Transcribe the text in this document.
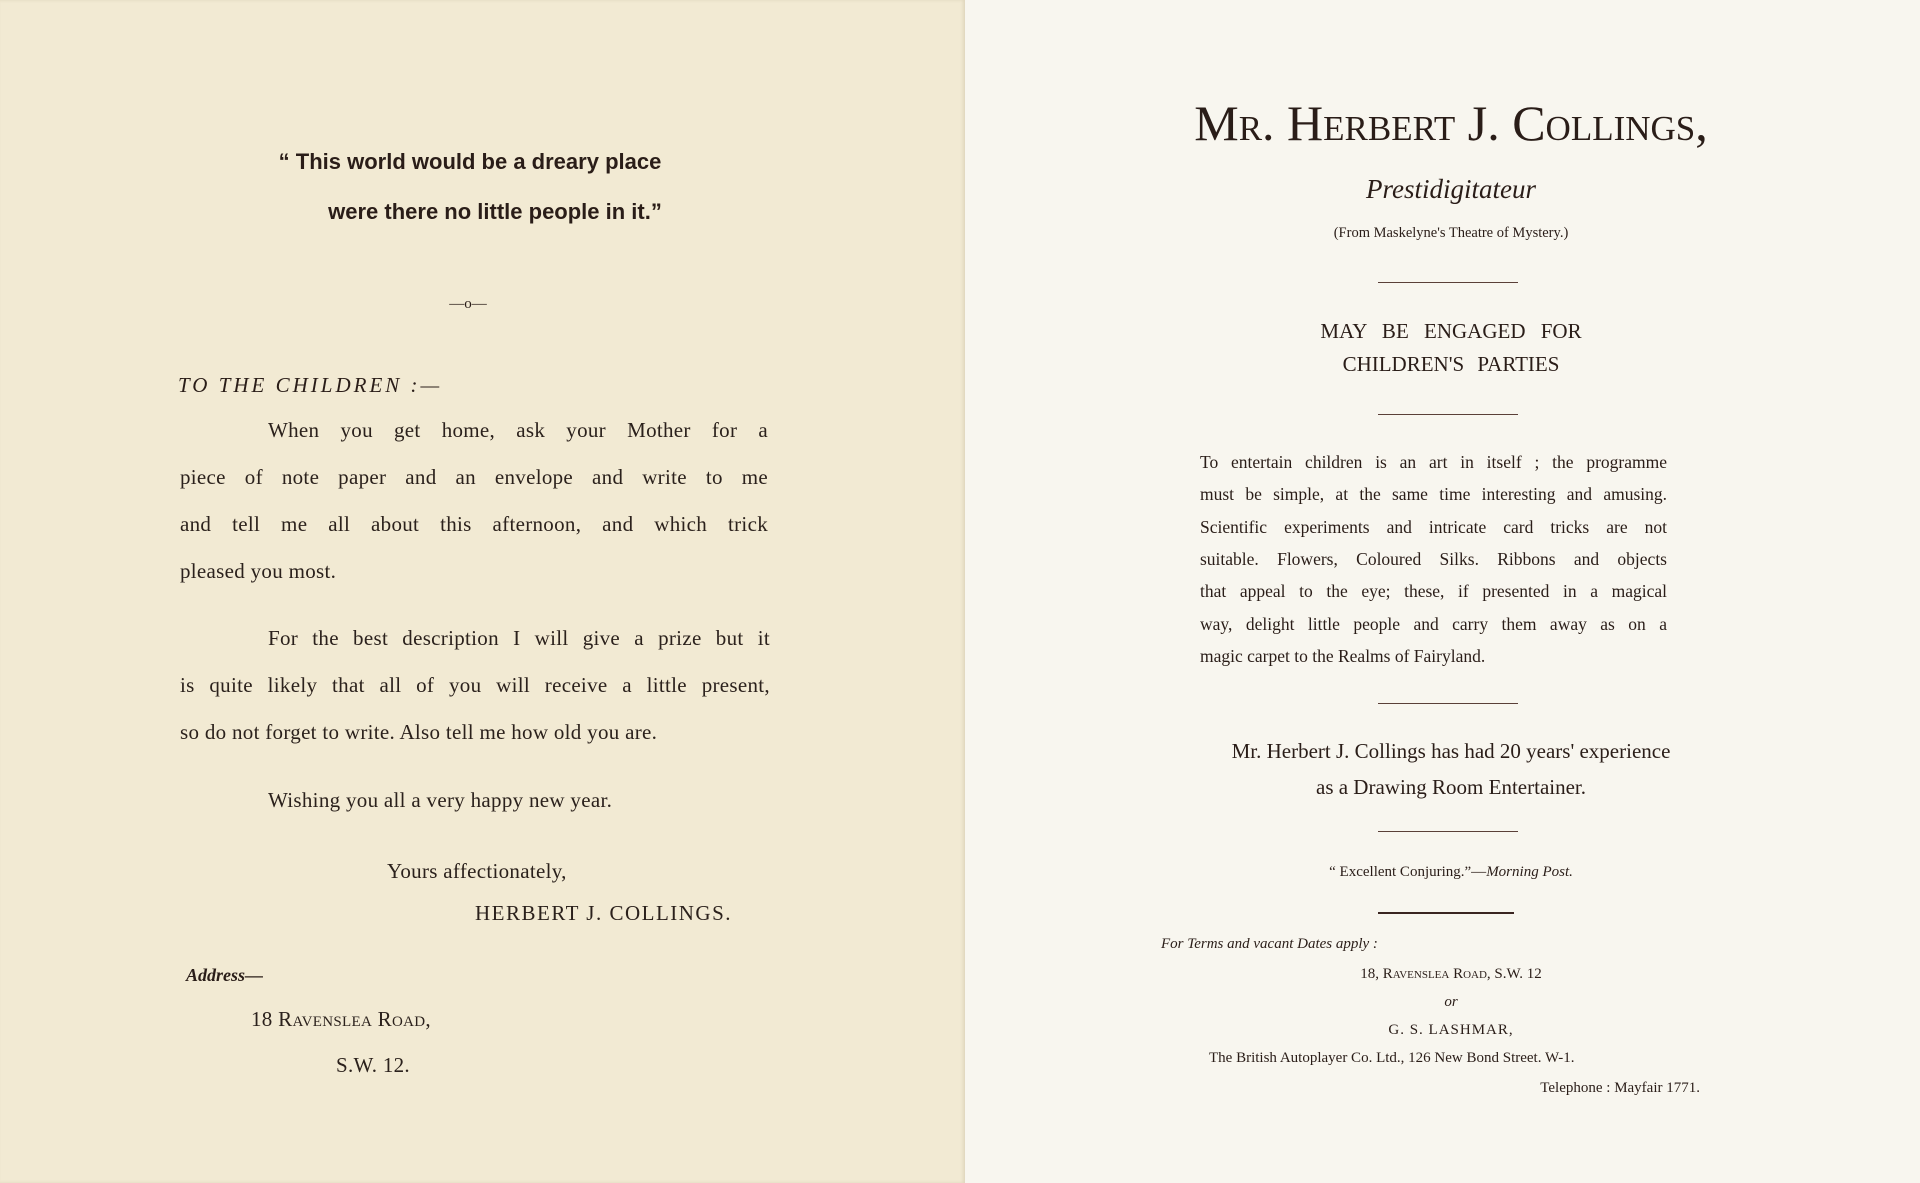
“ This world would be a dreary place
were there no little people in it.”
—o—
TO THE CHILDREN :—
When you get home, ask your Mother for a
piece of note paper and an envelope and write to me
and tell me all about this afternoon, and which trick
pleased you most.
For the best description I will give a prize but it
is quite likely that all of you will receive a little present,
so do not forget to write. Also tell me how old you are.
Wishing you all a very happy new year.
Yours affectionately,
HERBERT J. COLLINGS.
Address—
18 Ravenslea Road,
S.W. 12.
Mr. Herbert J. Collings,
Prestidigitateur
(From Maskelyne's Theatre of Mystery.)
MAY BE ENGAGED FOR
CHILDREN'S PARTIES
To entertain children is an art in itself ; the programme
must be simple, at the same time interesting and amusing.
Scientific experiments and intricate card tricks are not
suitable. Flowers, Coloured Silks. Ribbons and objects
that appeal to the eye; these, if presented in a magical
way, delight little people and carry them away as on a
magic carpet to the Realms of Fairyland.
Mr. Herbert J. Collings has had 20 years' experience
as a Drawing Room Entertainer.
“ Excellent Conjuring.”—Morning Post.
For Terms and vacant Dates apply :
18, Ravenslea Road, S.W. 12
or
G. S. LASHMAR,
The British Autoplayer Co. Ltd., 126 New Bond Street. W-1.
Telephone : Mayfair 1771.
